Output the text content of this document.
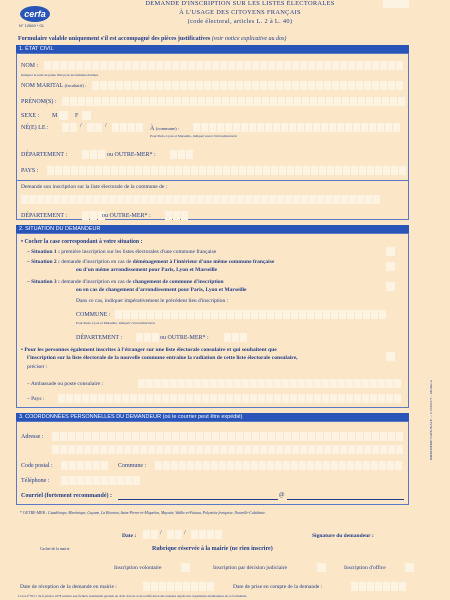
cerfa
N° 12669 * 01
DEMANDE D'INSCRIPTION SUR LES LISTES ÉLECTORALES
À L'USAGE DES CITOYENS FRANÇAIS
(code électoral, articles L. 2 à L. 40)
Formulaire valable uniquement s'il est accompagné des pièces justificatives (voir notice explicative au dos)
1. ÉTAT CIVIL
NOM :
Indiquer le nom de jeune fille pour les femmes mariées
NOM MARITAL (facultatif) :
PRÉNOM(S) :
SEXE : M	F
NÉ(E) LE :	/	/	À (commune) :
Pour Paris, Lyon et Marseille, indiquer aussi l'arrondissement
DÉPARTEMENT :	ou OUTRE-MER* :
PAYS :
Demande son inscription sur la liste électorale de la commune de :
DÉPARTEMENT :	ou OUTRE-MER* :
2. SITUATION DU DEMANDEUR
• Cocher la case correspondant à votre situation :
– Situation 1 : première inscription sur les listes électorales d'une commune française
– Situation 2 : demande d'inscription en cas de déménagement à l'intérieur d'une même commune française
ou d'un même arrondissement pour Paris, Lyon et Marseille
– Situation 3 : demande d'inscription en cas de changement de commune d'inscription
ou en cas de changement d'arrondissement pour Paris, Lyon et Marseille
Dans ce cas, indiquer impérativement le précédent lieu d'inscription :
COMMUNE :
Pour Paris, Lyon et Marseille, indiquer l'arrondissement
DÉPARTEMENT :	ou OUTRE-MER* :
• Pour les personnes également inscrites à l'étranger sur une liste électorale consulaire et qui souhaitent que
l'inscription sur la liste électorale de la nouvelle commune entraîne la radiation de cette liste électorale consulaire,
préciser :
– Ambassade ou poste consulaire :
– Pays :
3. COORDONNÉES PERSONNELLES DU DEMANDEUR (où le courrier peut être expédié)
Adresse :
Code postal :	Commune :
Téléphone :
Courriel (fortement recommandé) :	@
* OUTRE-MER : Guadeloupe, Martinique, Guyane, La Réunion, Saint-Pierre-et-Miquelon, Mayotte, Wallis-et-Futuna, Polynésie française, Nouvelle-Calédonie.
Date :	/	/	Signature du demandeur :
Cachet de la mairie	Rubrique réservée à la mairie (ne rien inscrire)
Inscription volontaire	Inscription par décision judiciaire	Inscription d'office
Date de réception de la demande en mairie :	Date de prise en compte de la demande :
La loi n°78-17 du 6 janvier 1978 relative aux fichiers nominatifs garantit un droit d'accès et de rectification des données auprès des organismes destinataires de ce formulaire.
IMPRIMERIE NATIONALE — 0 101823 Y – Modèle A
